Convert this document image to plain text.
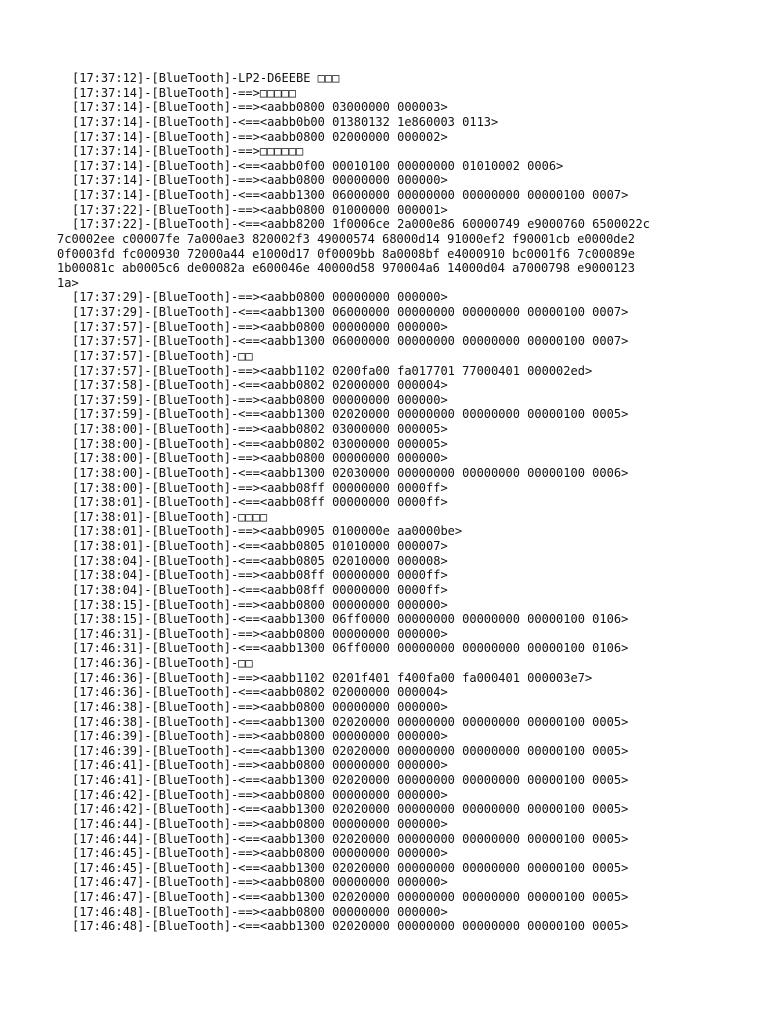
[17:37:12]-[BlueTooth]-LP2-D6EEBE □□□
[17:37:14]-[BlueTooth]-==>□□□□□
[17:37:14]-[BlueTooth]-==><aabb0800 03000000 000003>
[17:37:14]-[BlueTooth]-<==<aabb0b00 01380132 1e860003 0113>
[17:37:14]-[BlueTooth]-==><aabb0800 02000000 000002>
[17:37:14]-[BlueTooth]-==>□□□□□□
[17:37:14]-[BlueTooth]-<==<aabb0f00 00010100 00000000 01010002 0006>
[17:37:14]-[BlueTooth]-==><aabb0800 00000000 000000>
[17:37:14]-[BlueTooth]-<==<aabb1300 06000000 00000000 00000000 00000100 0007>
[17:37:22]-[BlueTooth]-==><aabb0800 01000000 000001>
[17:37:22]-[BlueTooth]-<==<aabb8200 1f0006ce 2a000e86 60000749 e9000760 6500022c
7c0002ee c00007fe 7a000ae3 820002f3 49000574 68000d14 91000ef2 f90001cb e0000de2
0f0003fd fc000930 72000a44 e1000d17 0f0009bb 8a0008bf e4000910 bc0001f6 7c00089e
1b00081c ab0005c6 de00082a e600046e 40000d58 970004a6 14000d04 a7000798 e9000123
1a>
[17:37:29]-[BlueTooth]-==><aabb0800 00000000 000000>
[17:37:29]-[BlueTooth]-<==<aabb1300 06000000 00000000 00000000 00000100 0007>
[17:37:57]-[BlueTooth]-==><aabb0800 00000000 000000>
[17:37:57]-[BlueTooth]-<==<aabb1300 06000000 00000000 00000000 00000100 0007>
[17:37:57]-[BlueTooth]-□□
[17:37:57]-[BlueTooth]-==><aabb1102 0200fa00 fa017701 77000401 000002ed>
[17:37:58]-[BlueTooth]-<==<aabb0802 02000000 000004>
[17:37:59]-[BlueTooth]-==><aabb0800 00000000 000000>
[17:37:59]-[BlueTooth]-<==<aabb1300 02020000 00000000 00000000 00000100 0005>
[17:38:00]-[BlueTooth]-==><aabb0802 03000000 000005>
[17:38:00]-[BlueTooth]-<==<aabb0802 03000000 000005>
[17:38:00]-[BlueTooth]-==><aabb0800 00000000 000000>
[17:38:00]-[BlueTooth]-<==<aabb1300 02030000 00000000 00000000 00000100 0006>
[17:38:00]-[BlueTooth]-==><aabb08ff 00000000 0000ff>
[17:38:01]-[BlueTooth]-<==<aabb08ff 00000000 0000ff>
[17:38:01]-[BlueTooth]-□□□□
[17:38:01]-[BlueTooth]-==><aabb0905 0100000e aa0000be>
[17:38:01]-[BlueTooth]-<==<aabb0805 01010000 000007>
[17:38:04]-[BlueTooth]-<==<aabb0805 02010000 000008>
[17:38:04]-[BlueTooth]-==><aabb08ff 00000000 0000ff>
[17:38:04]-[BlueTooth]-<==<aabb08ff 00000000 0000ff>
[17:38:15]-[BlueTooth]-==><aabb0800 00000000 000000>
[17:38:15]-[BlueTooth]-<==<aabb1300 06ff0000 00000000 00000000 00000100 0106>
[17:46:31]-[BlueTooth]-==><aabb0800 00000000 000000>
[17:46:31]-[BlueTooth]-<==<aabb1300 06ff0000 00000000 00000000 00000100 0106>
[17:46:36]-[BlueTooth]-□□
[17:46:36]-[BlueTooth]-==><aabb1102 0201f401 f400fa00 fa000401 000003e7>
[17:46:36]-[BlueTooth]-<==<aabb0802 02000000 000004>
[17:46:38]-[BlueTooth]-==><aabb0800 00000000 000000>
[17:46:38]-[BlueTooth]-<==<aabb1300 02020000 00000000 00000000 00000100 0005>
[17:46:39]-[BlueTooth]-==><aabb0800 00000000 000000>
[17:46:39]-[BlueTooth]-<==<aabb1300 02020000 00000000 00000000 00000100 0005>
[17:46:41]-[BlueTooth]-==><aabb0800 00000000 000000>
[17:46:41]-[BlueTooth]-<==<aabb1300 02020000 00000000 00000000 00000100 0005>
[17:46:42]-[BlueTooth]-==><aabb0800 00000000 000000>
[17:46:42]-[BlueTooth]-<==<aabb1300 02020000 00000000 00000000 00000100 0005>
[17:46:44]-[BlueTooth]-==><aabb0800 00000000 000000>
[17:46:44]-[BlueTooth]-<==<aabb1300 02020000 00000000 00000000 00000100 0005>
[17:46:45]-[BlueTooth]-==><aabb0800 00000000 000000>
[17:46:45]-[BlueTooth]-<==<aabb1300 02020000 00000000 00000000 00000100 0005>
[17:46:47]-[BlueTooth]-==><aabb0800 00000000 000000>
[17:46:47]-[BlueTooth]-<==<aabb1300 02020000 00000000 00000000 00000100 0005>
[17:46:48]-[BlueTooth]-==><aabb0800 00000000 000000>
[17:46:48]-[BlueTooth]-<==<aabb1300 02020000 00000000 00000000 00000100 0005>
